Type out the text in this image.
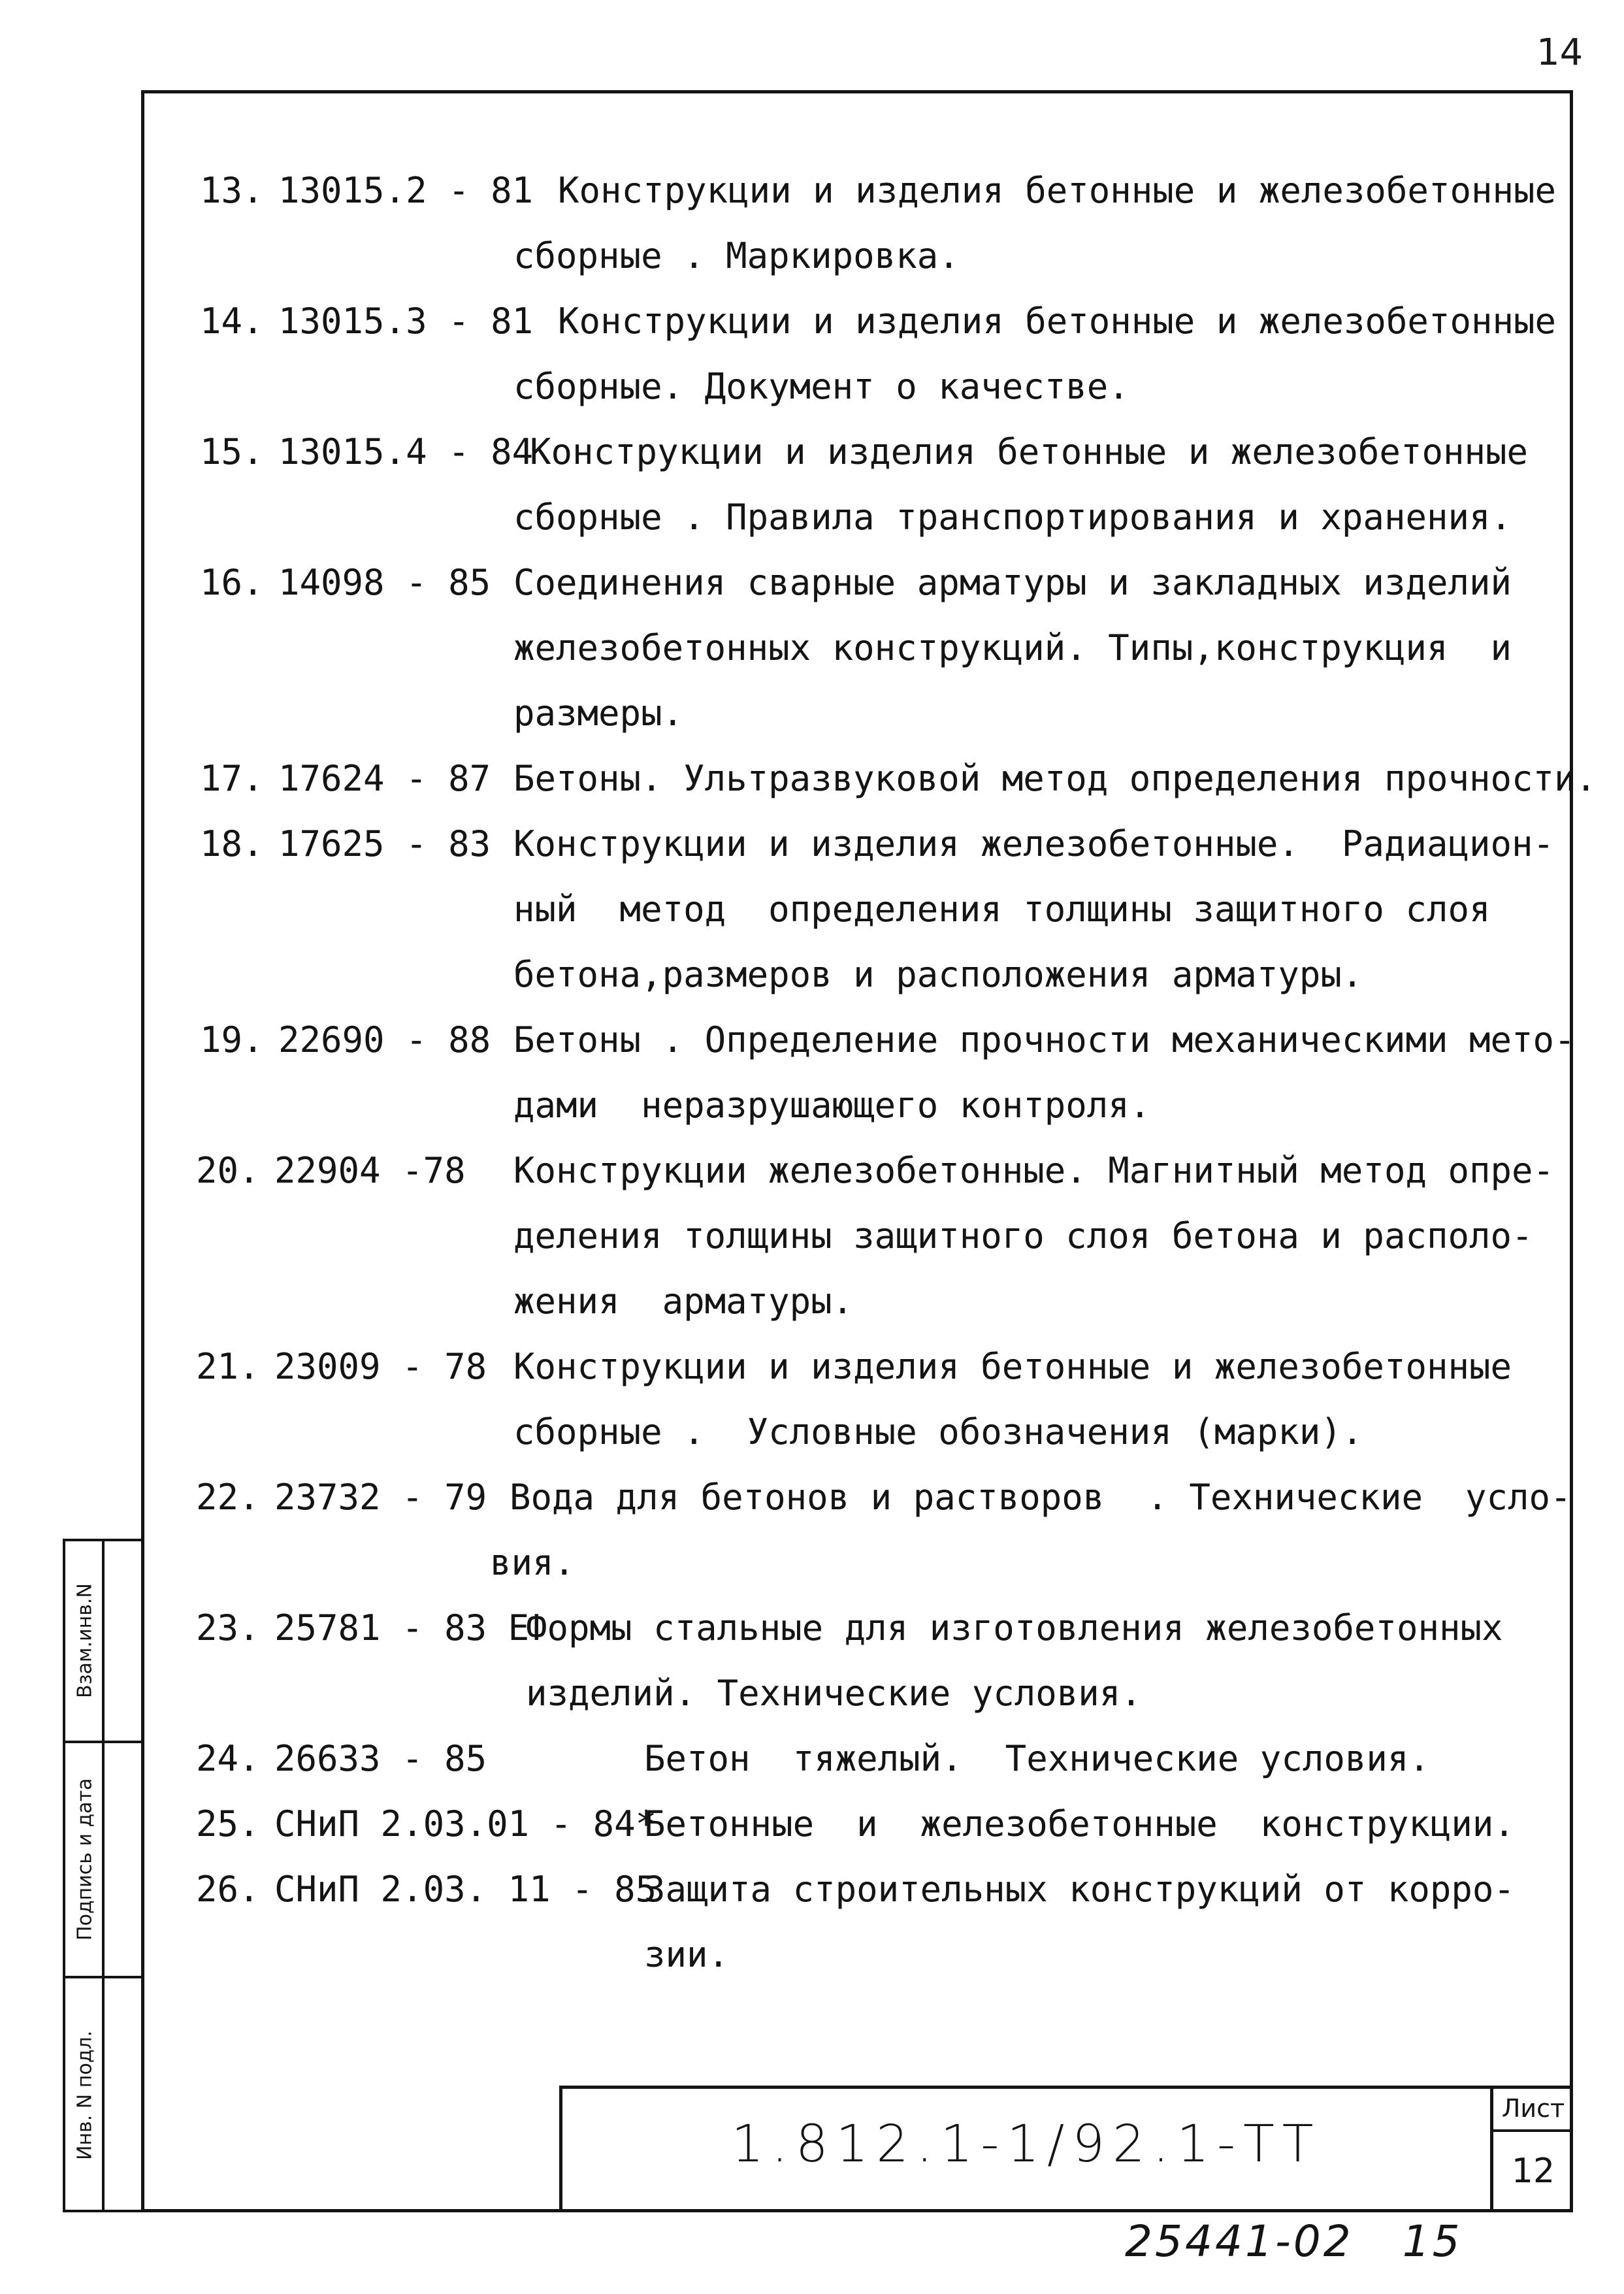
14
13. 13015.2 - 81 Конструкции и изделия бетонные и железобетонные
сборные . Маркировка.
14. 13015.3 - 81 Конструкции и изделия бетонные и железобетонные
сборные. Документ о качестве.
15. 13015.4 - 84
Конструкции и изделия бетонные и железобетонные
сборные . Правила транспортирования и хранения.
16. 14098 - 85 Соединения сварные арматуры и закладных изделий
железобетонных конструкций. Типы,конструкция  и
размеры.
17. 17624 - 87 Бетоны. Ультразвуковой метод определения прочности.
18. 17625 - 83 Конструкции и изделия железобетонные.  Радиацион-
ный  метод  определения толщины защитного слоя
бетона,размеров и расположения арматуры.
19. 22690 - 88 Бетоны . Определение прочности механическими мето-
дами  неразрушающего контроля.
20. 22904 -78 Конструкции железобетонные. Магнитный метод опре-
деления толщины защитного слоя бетона и располо-
жения  арматуры.
21. 23009 - 78 Конструкции и изделия бетонные и железобетонные
сборные .  Условные обозначения (марки).
22. 23732 - 79 Вода для бетонов и растворов  . Технические  усло-
вия.
23. 25781 - 83 Е
Формы стальные для изготовления железобетонных
изделий. Технические условия.
24. 26633 - 85	Бетон  тяжелый.  Технические условия.
25. СНиП 2.03.01 - 84*
Бетонные  и  железобетонные  конструкции.
26. СНиП 2.03. 11 - 85
Защита строительных конструкций от корро-
зии.
Взам.инв.N
Подпись и дата
Инв. N подл.	1.812.1-1/92.1-ТТ
Лист
12
25441-02   15
